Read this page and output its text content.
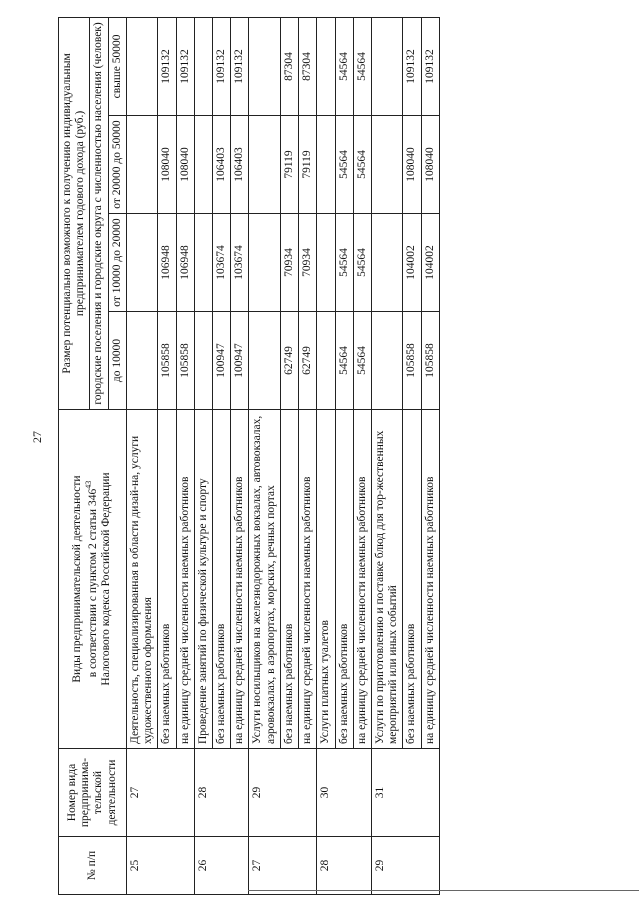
27
№ п/п	Номер вида предпринима-тельской деятельности	Виды предпринимательской деятельности в соответствии с пунктом 2 статьи $346^{43}$ Налогового кодекса Российской Федерации	Размер потенциально возможного к получению индивидуальным предпринимателем годового дохода (руб.)			
			городские поселения и городские округа с численностью населения (человек)			
			до 10000	от 10000 до 20000	от 20000 до 50000	свыше 50000
25	27	Деятельность, специализированная в области дизай-на, услуги художественного оформления				
		без наемных работников	105858	106948	108040	109132
		на единицу средней численности наемных работников	105858	106948	108040	109132
26	28	Проведение занятий по физической культуре и спорту				
		без наемных работников	100947	103674	106403	109132
		на единицу средней численности наемных работников	100947	103674	106403	109132
27	29	Услуги носильщиков на железнодорожных вокзалах, автовокзалах, аэровокзалах, в аэропортах, морских, речных портах				
		без наемных работников	62749	70934	79119	87304
		на единицу средней численности наемных работников	62749	70934	79119	87304
28	30	Услуги платных туалетов				
		без наемных работников	54564	54564	54564	54564
		на единицу средней численности наемных работников	54564	54564	54564	54564
29	31	Услуги по приготовлению и поставке блюд для тор-жественных мероприятий или иных событий				
		без наемных работников	105858	104002	108040	109132
		на единицу средней численности наемных работников	105858	104002	108040	109132
